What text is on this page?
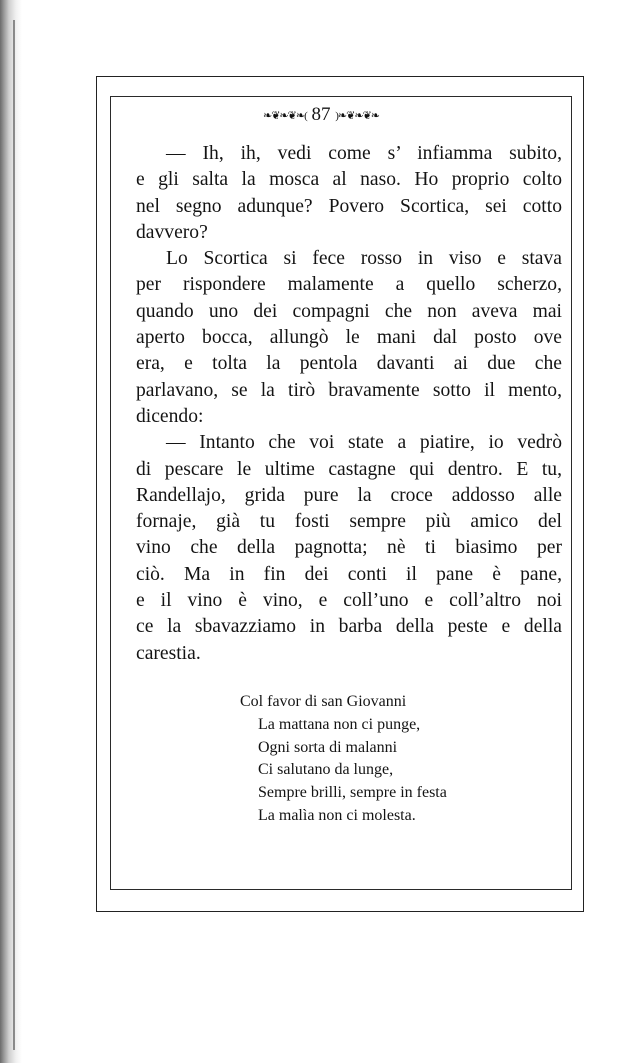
❧❦❧❦❧( 87 )❧❦❧❦❧
— Ih, ih, vedi come s’ infiamma subito,
e gli salta la mosca al naso. Ho proprio colto
nel segno adunque? Povero Scortica, sei cotto
davvero?
Lo Scortica si fece rosso in viso e stava
per rispondere malamente a quello scherzo,
quando uno dei compagni che non aveva mai
aperto bocca, allungò le mani dal posto ove
era, e tolta la pentola davanti ai due che
parlavano, se la tirò bravamente sotto il mento,
dicendo:
— Intanto che voi state a piatire, io vedrò
di pescare le ultime castagne qui dentro. E tu,
Randellajo, grida pure la croce addosso alle
fornaje, già tu fosti sempre più amico del
vino che della pagnotta; nè ti biasimo per
ciò. Ma in fin dei conti il pane è pane,
e il vino è vino, e coll’uno e coll’altro noi
ce la sbavazziamo in barba della peste e della
carestia.
Col favor di san Giovanni
La mattana non ci punge,
Ogni sorta di malanni
Ci salutano da lunge,
Sempre brilli, sempre in festa
La malìa non ci molesta.
